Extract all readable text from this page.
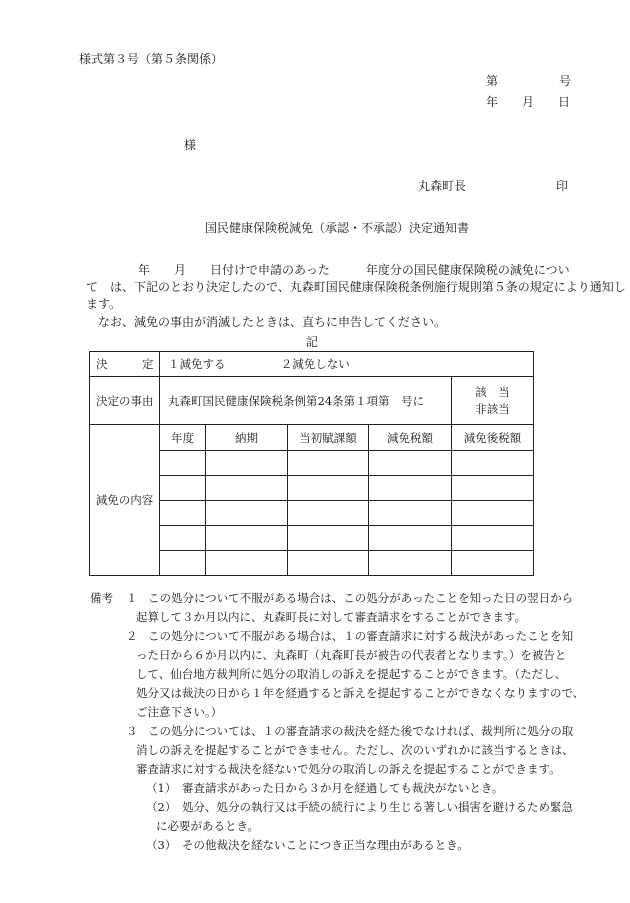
様式第３号（第５条関係）
第	号
年 月 日
様
丸森町長	印
国民健康保険税減免（承認・不承認）決定通知書
　　　　年　　月　　日付けで申請のあった　　　年度分の国民健康保険税の減免につい
て　は、下記のとおり決定したので、丸森町国民健康保険税条例施行規則第５条の規定により通知し
ます。
　なお、減免の事由が消滅したときは、直ちに申告してください。
記
決　　　定	１減免する ２減免しない				
決定の事由	丸森町国民健康保険税条例第24条第１項第　号に				該　当
非該当

減免の内容	年度	納期	当初賦課額	減免税額	減免後税額

備考 １ この処分について不服がある場合は、この処分があったことを知った日の翌日から
起算して３か月以内に、丸森町長に対して審査請求をすることができます。
２ この処分について不服がある場合は、１の審査請求に対する裁決があったことを知
った日から６か月以内に、丸森町（丸森町長が被告の代表者となります。）を被告と
して、仙台地方裁判所に処分の取消しの訴えを提起することができます。（ただし、
処分又は裁決の日から１年を経過すると訴えを提起することができなくなりますので、
ご注意下さい。）
３ この処分については、１の審査請求の裁決を経た後でなければ、裁判所に処分の取
消しの訴えを提起することができません。ただし、次のいずれかに該当するときは、
審査請求に対する裁決を経ないで処分の取消しの訴えを提起することができます。
（1） 審査請求があった日から３か月を経過しても裁決がないとき。
（2） 処分、処分の執行又は手続の続行により生じる著しい損害を避けるため緊急
に必要があるとき。
（3） その他裁決を経ないことにつき正当な理由があるとき。
